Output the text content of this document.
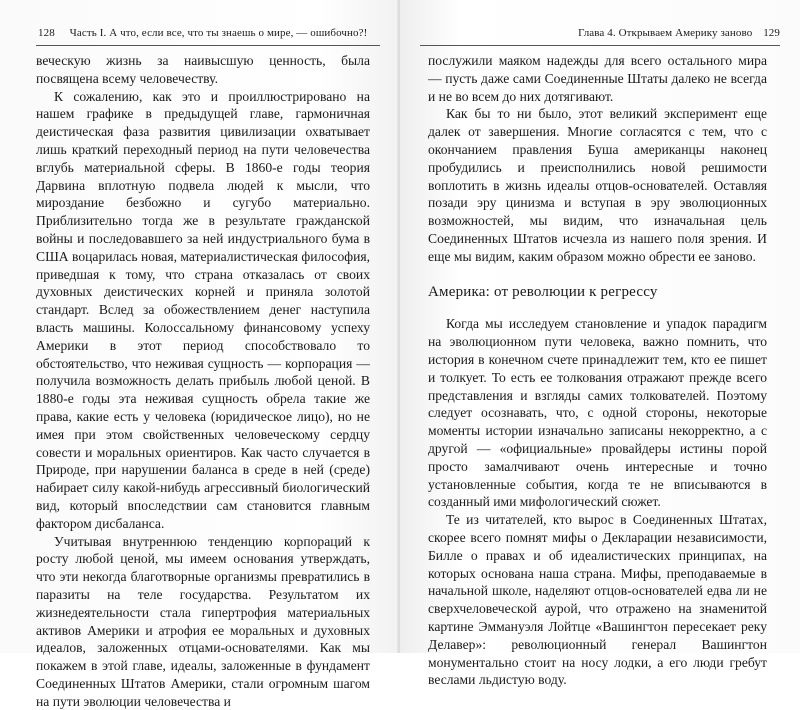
128 Часть I. А что, если все, что ты знаешь о мире, — ошибочно?!

веческую жизнь за наивысшую ценность, была посвящена всему человечеству.

К сожалению, как это и проиллюстрировано на нашем графике в предыдущей главе, гармоничная деистическая фаза развития цивилизации охватывает лишь краткий переходный период на пути человечества вглубь материальной сферы. В 1860-е годы теория Дарвина вплотную подвела людей к мысли, что мироздание безбожно и сугубо материально. Приблизительно тогда же в результате гражданской войны и последовавшего за ней индустриального бума в США воцарилась новая, материалистическая философия, приведшая к тому, что страна отказалась от своих духовных деистических корней и приняла золотой стандарт. Вслед за обожествлением денег наступила власть машины. Колоссальному финансовому успеху Америки в этот период способствовало то обстоятельство, что неживая сущность — корпорация — получила возможность делать прибыль любой ценой. В 1880-е годы эта неживая сущность обрела такие же права, какие есть у человека (юридическое лицо), но не имея при этом свойственных человеческому сердцу совести и моральных ориентиров. Как часто случается в Природе, при нарушении баланса в среде в ней (среде) набирает силу какой-нибудь агрессивный биологический вид, который впоследствии сам становится главным фактором дисбаланса.

Учитывая внутреннюю тенденцию корпораций к росту любой ценой, мы имеем основания утверждать, что эти некогда благотворные организмы превратились в паразиты на теле государства. Результатом их жизнедеятельности стала гипертрофия материальных активов Америки и атрофия ее моральных и духовных идеалов, заложенных отцами-основателями. Как мы покажем в этой главе, идеалы, заложенные в фундамент Соединенных Штатов Америки, стали огромным шагом на пути эволюции человечества и

Глава 4. Открываем Америку заново 129

послужили маяком надежды для всего остального мира — пусть даже сами Соединенные Штаты далеко не всегда и не во всем до них дотягивают.

Как бы то ни было, этот великий эксперимент еще далек от завершения. Многие согласятся с тем, что с окончанием правления Буша американцы наконец пробудились и преисполнились новой решимости воплотить в жизнь идеалы отцов-основателей. Оставляя позади эру цинизма и вступая в эру эволюционных возможностей, мы видим, что изначальная цель Соединенных Штатов исчезла из нашего поля зрения. И еще мы видим, каким образом можно обрести ее заново.

Америка: от революции к регрессу

Когда мы исследуем становление и упадок парадигм на эволюционном пути человека, важно помнить, что история в конечном счете принадлежит тем, кто ее пишет и толкует. То есть ее толкования отражают прежде всего представления и взгляды самих толкователей. Поэтому следует осознавать, что, с одной стороны, некоторые моменты истории изначально записаны некорректно, а с другой — «официальные» провайдеры истины порой просто замалчивают очень интересные и точно установленные события, когда те не вписываются в созданный ими мифологический сюжет.

Те из читателей, кто вырос в Соединенных Штатах, скорее всего помнят мифы о Декларации независимости, Билле о правах и об идеалистических принципах, на которых основана наша страна. Мифы, преподаваемые в начальной школе, наделяют отцов-основателей едва ли не сверхчеловеческой аурой, что отражено на знаменитой картине Эммануэля Лойтце «Вашингтон пересекает реку Делавер»: революционный генерал Вашингтон монументально стоит на носу лодки, а его люди гребут веслами льдистую воду.
